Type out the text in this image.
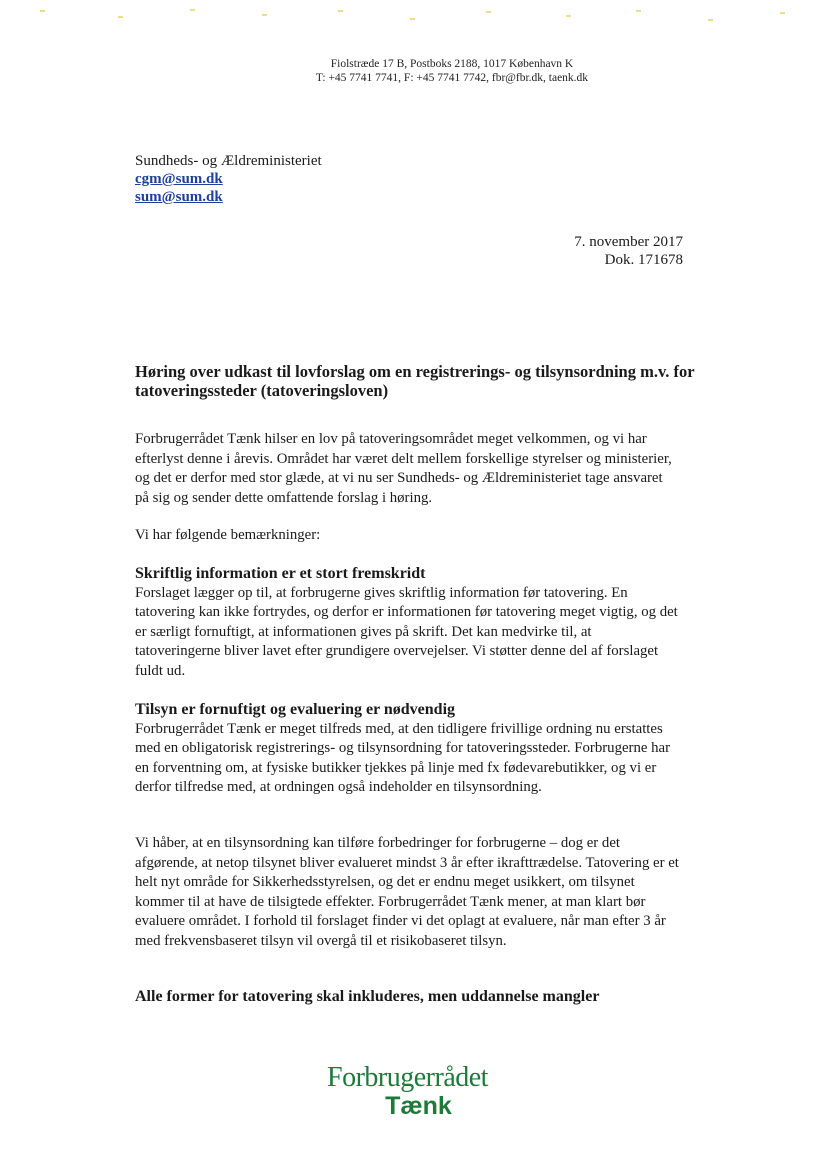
Fiolstræde 17 B, Postboks 2188, 1017 København K
T: +45 7741 7741, F: +45 7741 7742, fbr@fbr.dk, taenk.dk
Sundheds- og Ældreministeriet
cgm@sum.dk
sum@sum.dk
7. november 2017
Dok. 171678
Høring over udkast til lovforslag om en registrerings- og tilsynsordning m.v. for tatoveringssteder (tatoveringsloven)

Forbrugerrådet Tænk hilser en lov på tatoveringsområdet meget velkommen, og vi har efterlyst denne i årevis. Området har været delt mellem forskellige styrelser og ministerier, og det er derfor med stor glæde, at vi nu ser Sundheds- og Ældreministeriet tage ansvaret på sig og sender dette omfattende forslag i høring.

Vi har følgende bemærkninger:

Skriftlig information er et stort fremskridt

Forslaget lægger op til, at forbrugerne gives skriftlig information før tatovering. En tatovering kan ikke fortrydes, og derfor er informationen før tatovering meget vigtig, og det er særligt fornuftigt, at informationen gives på skrift. Det kan medvirke til, at tatoveringerne bliver lavet efter grundigere overvejelser. Vi støtter denne del af forslaget fuldt ud.

Tilsyn er fornuftigt og evaluering er nødvendig

Forbrugerrådet Tænk er meget tilfreds med, at den tidligere frivillige ordning nu erstattes med en obligatorisk registrerings- og tilsynsordning for tatoveringssteder. Forbrugerne har en forventning om, at fysiske butikker tjekkes på linje med fx fødevarebutikker, og vi er derfor tilfredse med, at ordningen også indeholder en tilsynsordning.

Vi håber, at en tilsynsordning kan tilføre forbedringer for forbrugerne – dog er det afgørende, at netop tilsynet bliver evalueret mindst 3 år efter ikrafttrædelse. Tatovering er et helt nyt område for Sikkerhedsstyrelsen, og det er endnu meget usikkert, om tilsynet kommer til at have de tilsigtede effekter. Forbrugerrådet Tænk mener, at man klart bør evaluere området. I forhold til forslaget finder vi det oplagt at evaluere, når man efter 3 år med frekvensbaseret tilsyn vil overgå til et risikobaseret tilsyn.

Alle former for tatovering skal inkluderes, men uddannelse mangler
Forbrugerrådet
Tænk
